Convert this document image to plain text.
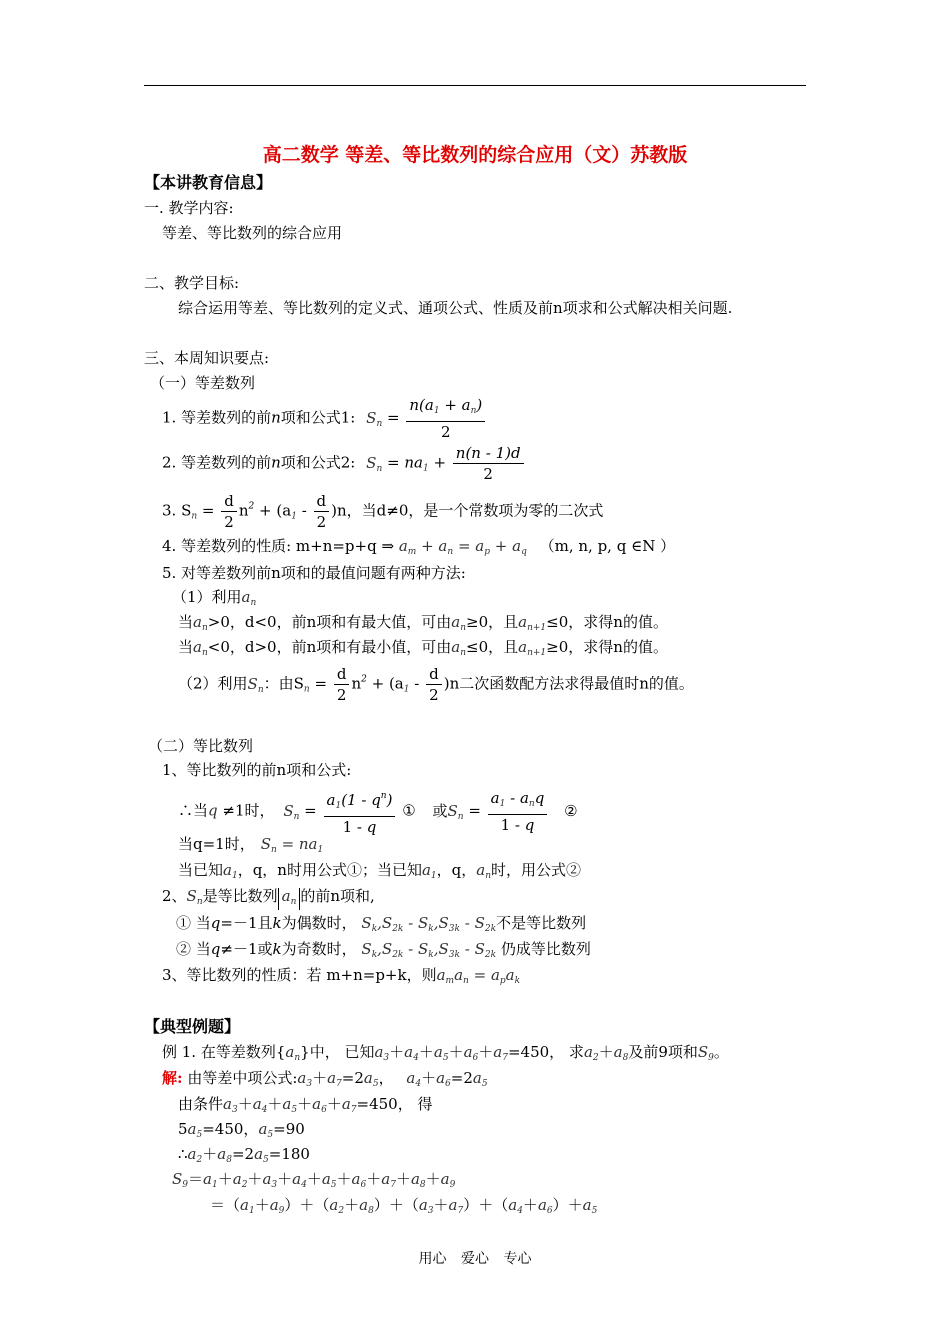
高二数学 等差、等比数列的综合应用（文）苏教版
【本讲教育信息】
一. 教学内容:
等差、等比数列的综合应用
二、教学目标:
综合运用等差、等比数列的定义式、通项公式、性质及前n项求和公式解决相关问题.
三、本周知识要点:
（一）等差数列
1. 等差数列的前n项和公式1: $S_n = \frac{n(a_1 + a_n)}{2}$
2. 等差数列的前n项和公式2: $S_n = na_1 + \frac{n(n - 1)d}{2}$
3. $S_n = \frac{d}{2} n^2 + (a_1 - \frac{d}{2} )n$，当d≠0，是一个常数项为零的二次式
4. 等差数列的性质: m+n=p+q ⇒ $a_m + a_n = a_p + a_q$ （m, n, p, q ∈N ）
5. 对等差数列前n项和的最值问题有两种方法:
（1）利用$a_n$
当$a_n>0$，d<0，前n项和有最大值，可由$a_n\ge 0$，且$a_{n+1}\le 0$，求得n的值。
当$a_n<0$，d>0，前n项和有最小值，可由$a_n\le 0$，且$a_{n+1}\ge 0$，求得n的值。
（2）利用$S_n$：由$S_n = \frac{d}{2} n^2 + (a_1 - \frac{d}{2} )n$二次函数配方法求得最值时n的值。
（二）等比数列
1、等比数列的前n项和公式:
∴当q ≠1时， $S_n = \frac{a_1(1 - q^n)}{1 - q}$ ① 或$S_n = \frac{a_1 - a_nq}{1 - q}$ ②
当q=1时， $S_n = na_1$
当已知$a_1$，q，n时用公式①；当已知$a_1$，q，$a_n$时，用公式②
2、$S_n$是等比数列 $a_n$ 的前n项和,
① 当q=－1且k为偶数时， $S_k,S_{2k} - S_k,S_{3k} - S_{2k}$不是等比数列
② 当q≠－1或k为奇数时， $S_k,S_{2k} - S_k,S_{3k} - S_{2k}$ 仍成等比数列
3、等比数列的性质：若 m+n=p+k，则$a_ma_n = a_pa_k$
【典型例题】
例 1. 在等差数列$\{a_n\}$中， 已知$a_3+a_4+a_5+a_6+a_7=450$， 求$a_2+a_8$及前9项和$S_9$。
解: 由等差中项公式$:a_3+a_7=2a_5$， $a_4+a_6=2a_5$
由条件$a_3+a_4+a_5+a_6+a_7=450$， 得
$5a_5=450$，$a_5=90$
$\therefore a_2+a_8=2a_5=180$
$S_9=a_1+a_2+a_3+a_4+a_5+a_6+a_7+a_8+a_9$
$=(a_1+a_9)+(a_2+a_8)+(a_3+a_7)+(a_4+a_6)+a_5$
用心 爱心 专心
